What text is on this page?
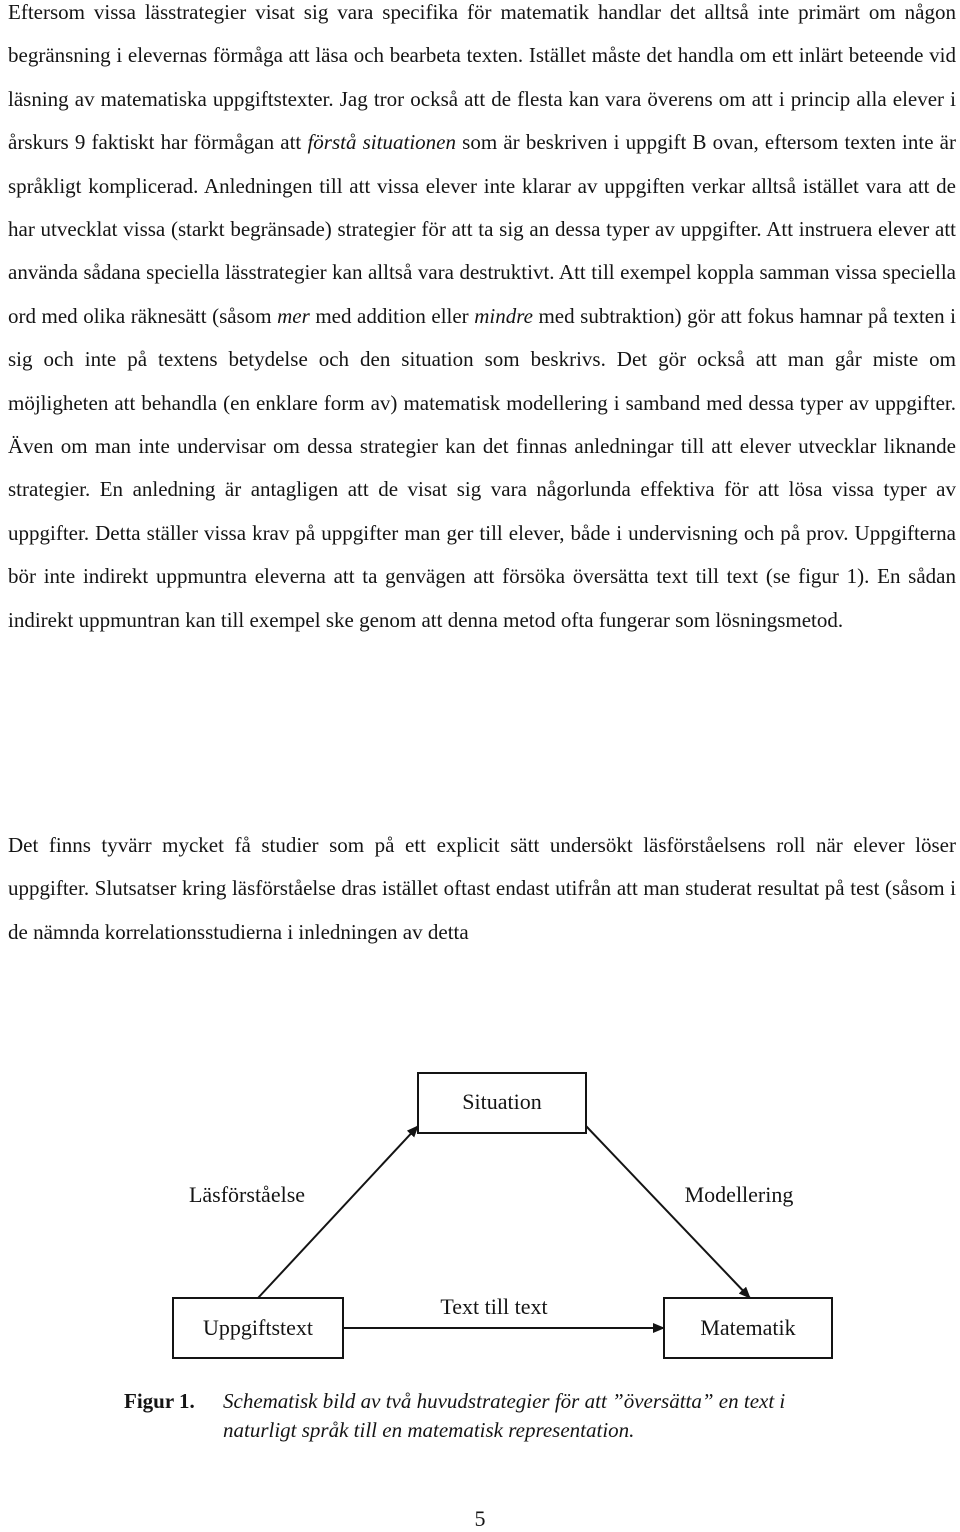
Eftersom vissa lässtrategier visat sig vara specifika för matematik handlar det alltså inte primärt om någon begränsning i elevernas förmåga att läsa och bearbeta texten. Istället måste det handla om ett inlärt beteende vid läsning av matematiska uppgiftstexter. Jag tror också att de flesta kan vara överens om att i princip alla elever i årskurs 9 faktiskt har förmågan att förstå situationen som är beskriven i uppgift B ovan, eftersom texten inte är språkligt komplicerad. Anledningen till att vissa elever inte klarar av uppgiften verkar alltså istället vara att de har utvecklat vissa (starkt begränsade) strategier för att ta sig an dessa typer av uppgifter. Att instruera elever att använda sådana speciella lässtrategier kan alltså vara destruktivt. Att till exempel koppla samman vissa speciella ord med olika räknesätt (såsom mer med addition eller mindre med subtraktion) gör att fokus hamnar på texten i sig och inte på textens betydelse och den situation som beskrivs. Det gör också att man går miste om möjligheten att behandla (en enklare form av) matematisk modellering i samband med dessa typer av uppgifter. Även om man inte undervisar om dessa strategier kan det finnas anledningar till att elever utvecklar liknande strategier. En anledning är antagligen att de visat sig vara någorlunda effektiva för att lösa vissa typer av uppgifter. Detta ställer vissa krav på uppgifter man ger till elever, både i undervisning och på prov. Uppgifterna bör inte indirekt uppmuntra eleverna att ta genvägen att försöka översätta text till text (se figur 1). En sådan indirekt uppmuntran kan till exempel ske genom att denna metod ofta fungerar som lösningsmetod.

Det finns tyvärr mycket få studier som på ett explicit sätt undersökt läsförståelsens roll när elever löser uppgifter. Slutsatser kring läsförståelse dras istället oftast endast utifrån att man studerat resultat på test (såsom i de nämnda korrelationsstudierna i inledningen av detta

Situation
Uppgiftstext	Matematik
Läsförståelse	Modellering
Text till text
Figur 1. Schematisk bild av två huvudstrategier för att ”översätta” en text i naturligt språk till en matematisk representation.
5
